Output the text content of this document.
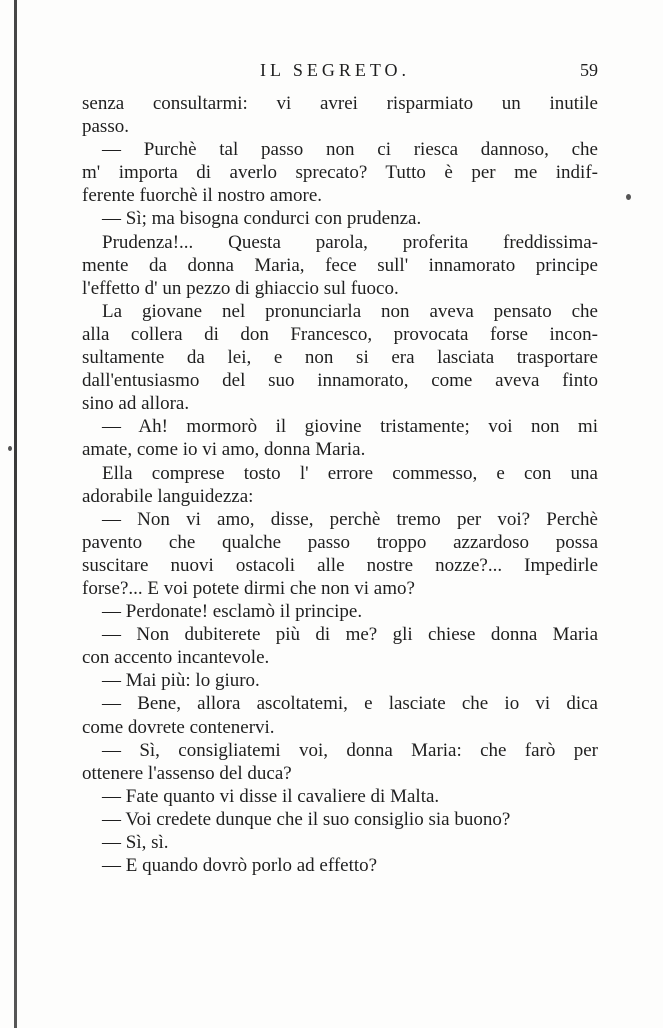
IL SEGRETO.	59
senza consultarmi: vi avrei risparmiato un inutile
passo.
— Purchè tal passo non ci riesca dannoso, che
m' importa di averlo sprecato? Tutto è per me indif-
ferente fuorchè il nostro amore.
— Sì; ma bisogna condurci con prudenza.
Prudenza!... Questa parola, proferita freddissima-
mente da donna Maria, fece sull' innamorato principe
l'effetto d' un pezzo di ghiaccio sul fuoco.
La giovane nel pronunciarla non aveva pensato che
alla collera di don Francesco, provocata forse incon-
sultamente da lei, e non si era lasciata trasportare
dall'entusiasmo del suo innamorato, come aveva finto
sino ad allora.
— Ah! mormorò il giovine tristamente; voi non mi
amate, come io vi amo, donna Maria.
Ella comprese tosto l' errore commesso, e con una
adorabile languidezza:
— Non vi amo, disse, perchè tremo per voi? Perchè
pavento che qualche passo troppo azzardoso possa
suscitare nuovi ostacoli alle nostre nozze?... Impedirle
forse?... E voi potete dirmi che non vi amo?
— Perdonate! esclamò il principe.
— Non dubiterete più di me? gli chiese donna Maria
con accento incantevole.
— Mai più: lo giuro.
— Bene, allora ascoltatemi, e lasciate che io vi dica
come dovrete contenervi.
— Sì, consigliatemi voi, donna Maria: che farò per
ottenere l'assenso del duca?
— Fate quanto vi disse il cavaliere di Malta.
— Voi credete dunque che il suo consiglio sia buono?
— Sì, sì.
— E quando dovrò porlo ad effetto?
